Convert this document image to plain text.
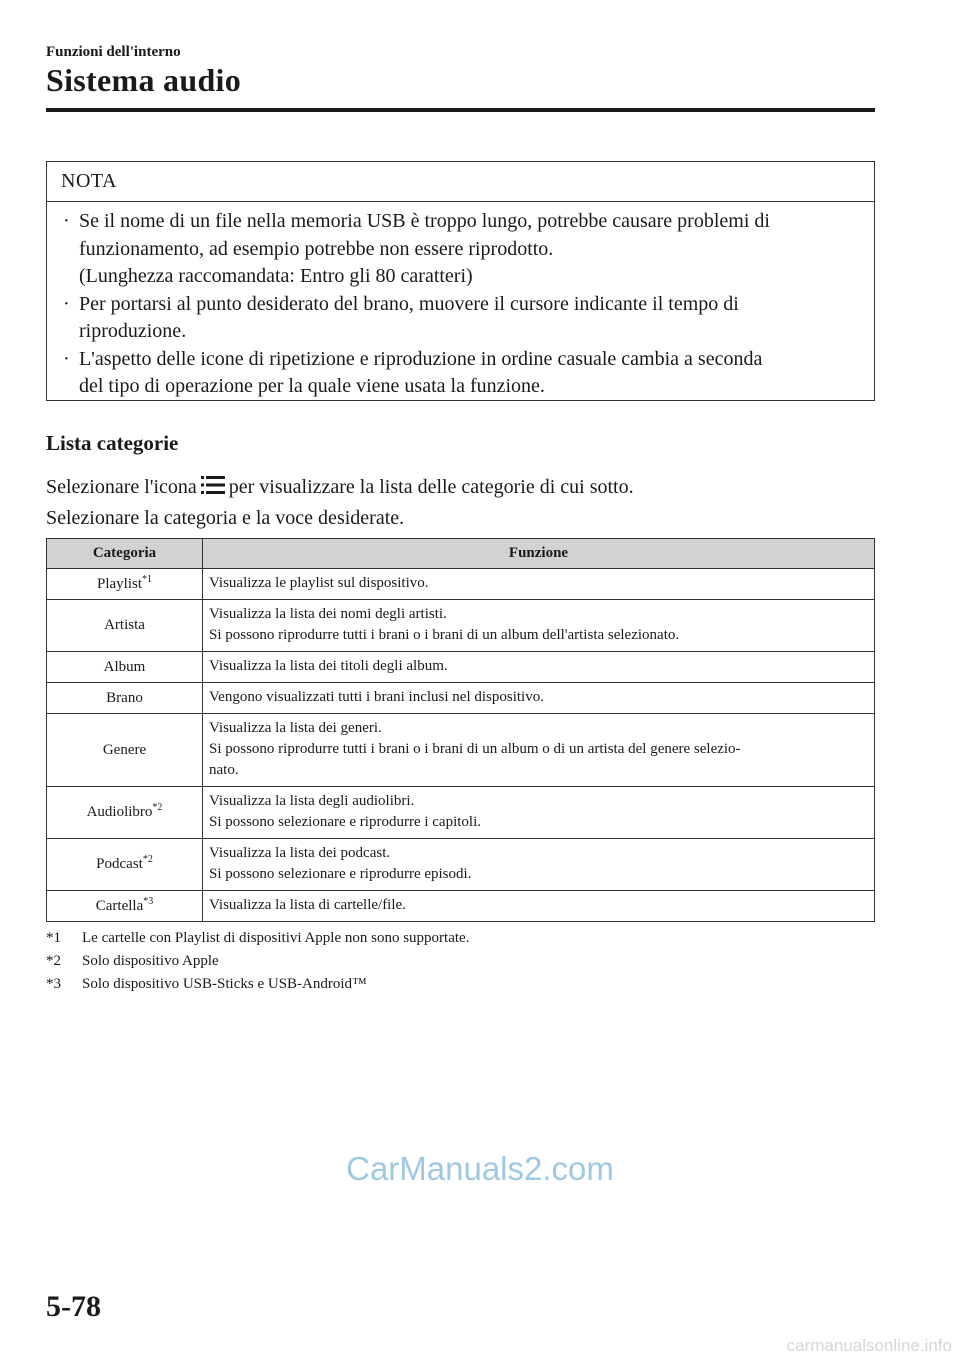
Funzioni dell'interno
Sistema audio
NOTA
· Se il nome di un file nella memoria USB è troppo lungo, potrebbe causare problemi di
funzionamento, ad esempio potrebbe non essere riprodotto.
(Lunghezza raccomandata: Entro gli 80 caratteri)
· Per portarsi al punto desiderato del brano, muovere il cursore indicante il tempo di
riproduzione.
· L'aspetto delle icone di ripetizione e riproduzione in ordine casuale cambia a seconda
del tipo di operazione per la quale viene usata la funzione.
Lista categorie
Selezionare l'icona per visualizzare la lista delle categorie di cui sotto.
Selezionare la categoria e la voce desiderate.
Categoria	Funzione
Playlist$^{*1}$	Visualizza le playlist sul dispositivo.

Artista	Visualizza la lista dei nomi degli artisti.
Si possono riprodurre tutti i brani o i brani di un album dell'artista selezionato.

Album	Visualizza la lista dei titoli degli album.

Brano	Vengono visualizzati tutti i brani inclusi nel dispositivo.

Genere	Visualizza la lista dei generi.
Si possono riprodurre tutti i brani o i brani di un album o di un artista del genere selezio-
nato.

Audiolibro$^{*2}$	Visualizza la lista degli audiolibri.
Si possono selezionare e riprodurre i capitoli.

Podcast$^{*2}$	Visualizza la lista dei podcast.
Si possono selezionare e riprodurre episodi.

Cartella$^{*3}$	Visualizza la lista di cartelle/file.
*1	Le cartelle con Playlist di dispositivi Apple non sono supportate.
*2	Solo dispositivo Apple
*3	Solo dispositivo USB-Sticks e USB-Android™
CarManuals2.com
5-78
carmanualsonline.info
